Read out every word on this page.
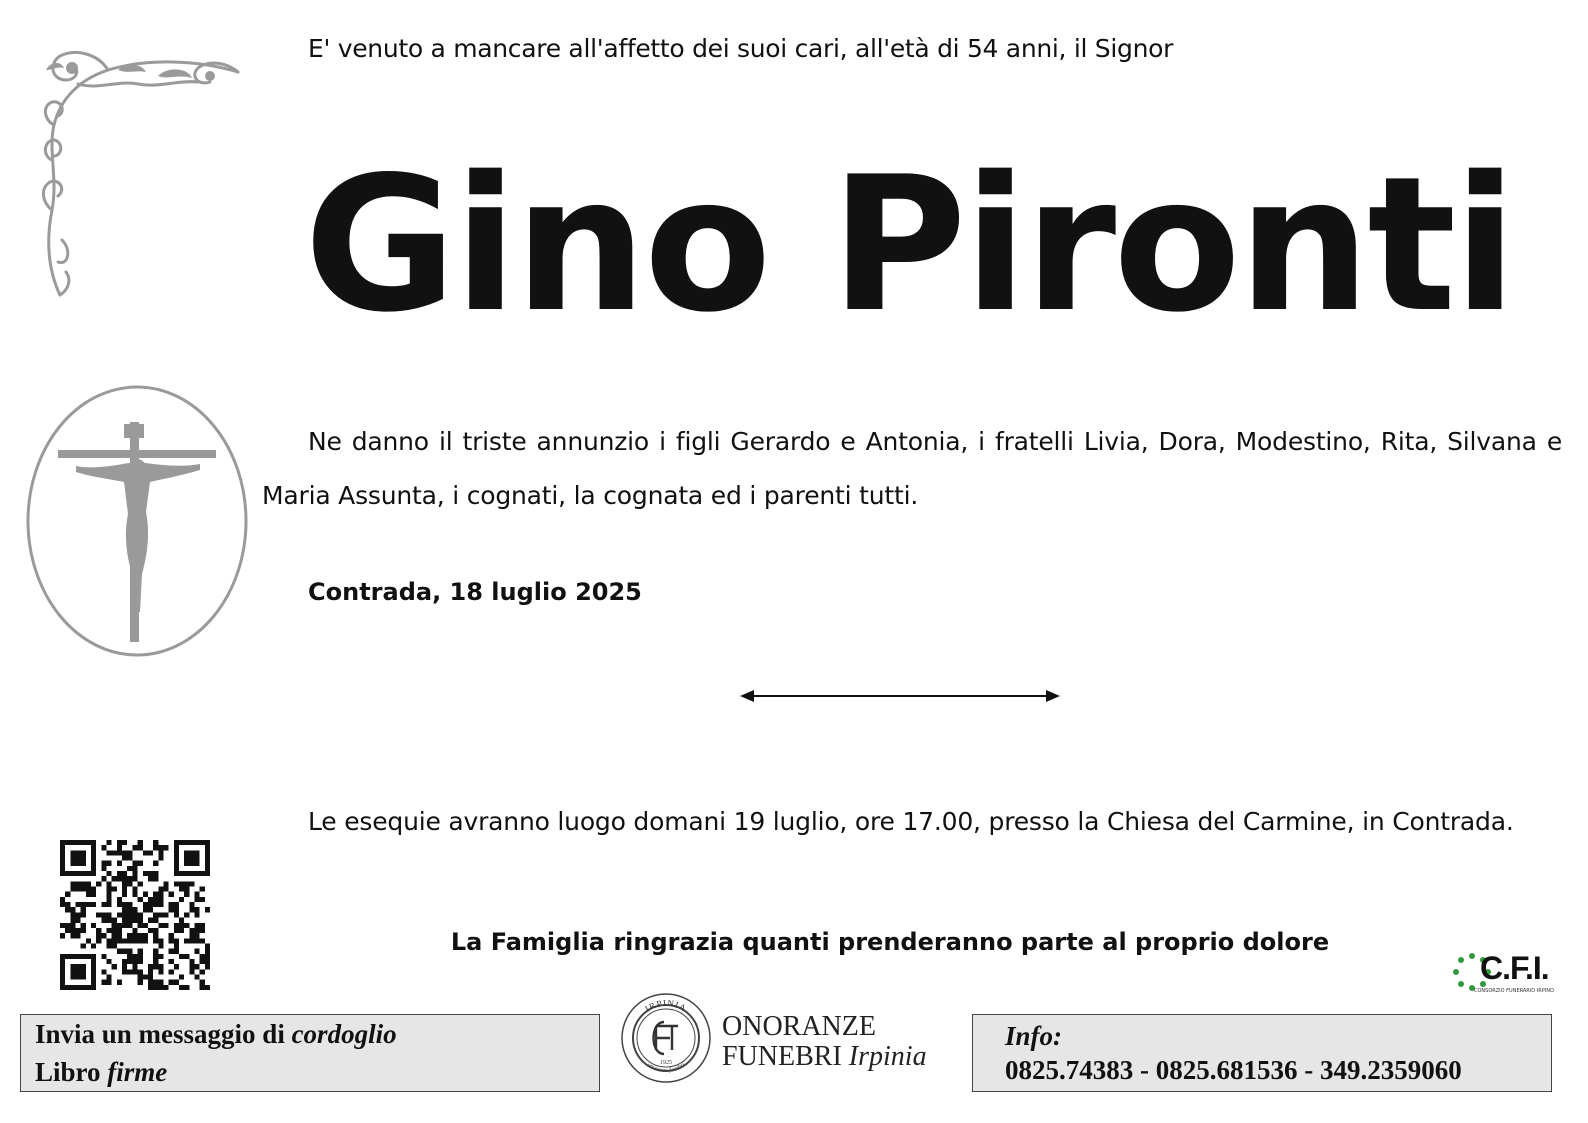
E' venuto a mancare all'affetto dei suoi cari, all'età di 54 anni, il Signor
Gino Pironti
Ne danno il triste annunzio i figli Gerardo e Antonia, i fratelli Livia, Dora, Modestino, Rita, Silvana e Maria Assunta, i cognati, la cognata ed i parenti tutti.
Contrada, 18 luglio 2025
Le esequie avranno luogo domani 19 luglio, ore 17.00, presso la Chiesa del Carmine, in Contrada.
La Famiglia ringrazia quanti prenderanno parte al proprio dolore
C.F.I.
CONSORZIO FUNERARIO IRPINO
Invia un messaggio di cordoglio
Libro firme
IRPINIA
1925
onoranze funebri
ONORANZE
FUNEBRI Irpinia
Info:
0825.74383 - 0825.681536 - 349.2359060
